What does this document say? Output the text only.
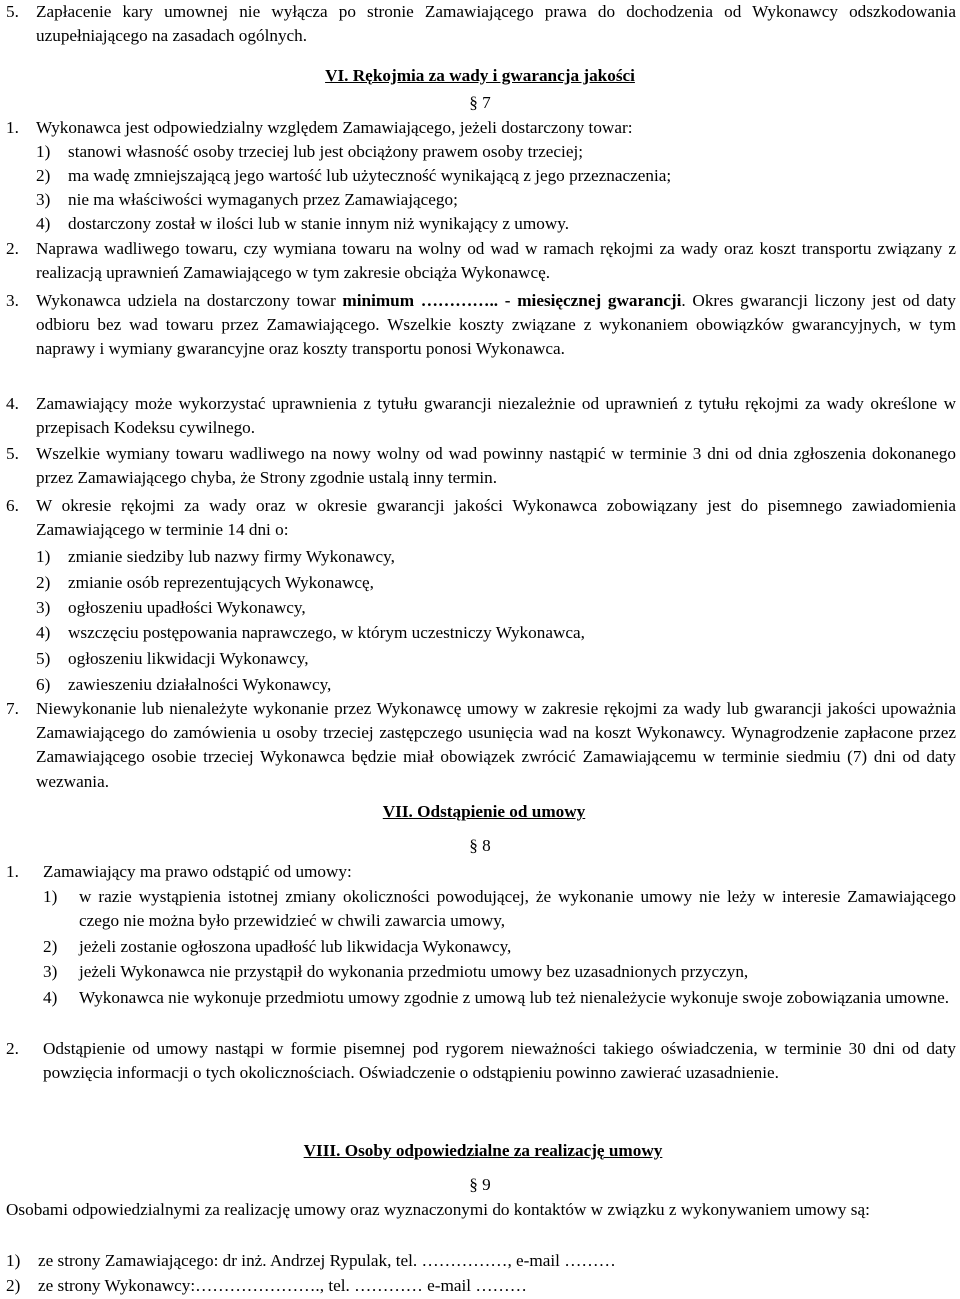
5. Zapłacenie kary umownej nie wyłącza po stronie Zamawiającego prawa do dochodzenia od Wykonawcy odszkodowania uzupełniającego na zasadach ogólnych.
VI. Rękojmia za wady i gwarancja jakości
§ 7
1. Wykonawca jest odpowiedzialny względem Zamawiającego, jeżeli dostarczony towar:
1) stanowi własność osoby trzeciej lub jest obciążony prawem osoby trzeciej;
2) ma wadę zmniejszającą jego wartość lub użyteczność wynikającą z jego przeznaczenia;
3) nie ma właściwości wymaganych przez Zamawiającego;
4) dostarczony został w ilości lub w stanie innym niż wynikający z umowy.
2. Naprawa wadliwego towaru, czy wymiana towaru na wolny od wad w ramach rękojmi za wady oraz koszt transportu związany z realizacją uprawnień Zamawiającego w tym zakresie obciąża Wykonawcę.
3. Wykonawca udziela na dostarczony towar minimum ………….. - miesięcznej gwarancji. Okres gwarancji liczony jest od daty odbioru bez wad towaru przez Zamawiającego. Wszelkie koszty związane z wykonaniem obowiązków gwarancyjnych, w tym naprawy i wymiany gwarancyjne oraz koszty transportu ponosi Wykonawca.
4. Zamawiający może wykorzystać uprawnienia z tytułu gwarancji niezależnie od uprawnień z tytułu rękojmi za wady określone w przepisach Kodeksu cywilnego.
5. Wszelkie wymiany towaru wadliwego na nowy wolny od wad powinny nastąpić w terminie 3 dni od dnia zgłoszenia dokonanego przez Zamawiającego chyba, że Strony zgodnie ustalą inny termin.
6. W okresie rękojmi za wady oraz w okresie gwarancji jakości Wykonawca zobowiązany jest do pisemnego zawiadomienia Zamawiającego w terminie 14 dni o:
1) zmianie siedziby lub nazwy firmy Wykonawcy,
2) zmianie osób reprezentujących Wykonawcę,
3) ogłoszeniu upadłości Wykonawcy,
4) wszczęciu postępowania naprawczego, w którym uczestniczy Wykonawca,
5) ogłoszeniu likwidacji Wykonawcy,
6) zawieszeniu działalności Wykonawcy,
7. Niewykonanie lub nienależyte wykonanie przez Wykonawcę umowy w zakresie rękojmi za wady lub gwarancji jakości upoważnia Zamawiającego do zamówienia u osoby trzeciej zastępczego usunięcia wad na koszt Wykonawcy. Wynagrodzenie zapłacone przez Zamawiającego osobie trzeciej Wykonawca będzie miał obowiązek zwrócić Zamawiającemu w terminie siedmiu (7) dni od daty wezwania.
VII. Odstąpienie od umowy
§ 8
1. Zamawiający ma prawo odstąpić od umowy:
1) w razie wystąpienia istotnej zmiany okoliczności powodującej, że wykonanie umowy nie leży w interesie Zamawiającego czego nie można było przewidzieć w chwili zawarcia umowy,
2) jeżeli zostanie ogłoszona upadłość lub likwidacja Wykonawcy,
3) jeżeli Wykonawca nie przystąpił do wykonania przedmiotu umowy bez uzasadnionych przyczyn,
4) Wykonawca nie wykonuje przedmiotu umowy zgodnie z umową lub też nienależycie wykonuje swoje zobowiązania umowne.
2. Odstąpienie od umowy nastąpi w formie pisemnej pod rygorem nieważności takiego oświadczenia, w terminie 30 dni od daty powzięcia informacji o tych okolicznościach. Oświadczenie o odstąpieniu powinno zawierać uzasadnienie.
VIII. Osoby odpowiedzialne za realizację umowy
§ 9
Osobami odpowiedzialnymi za realizację umowy oraz wyznaczonymi do kontaktów w związku z wykonywaniem umowy są:
1) ze strony Zamawiającego: dr inż. Andrzej Rypulak, tel. ……………, e-mail ………
2) ze strony Wykonawcy:…………………., tel. ………… e-mail ………
